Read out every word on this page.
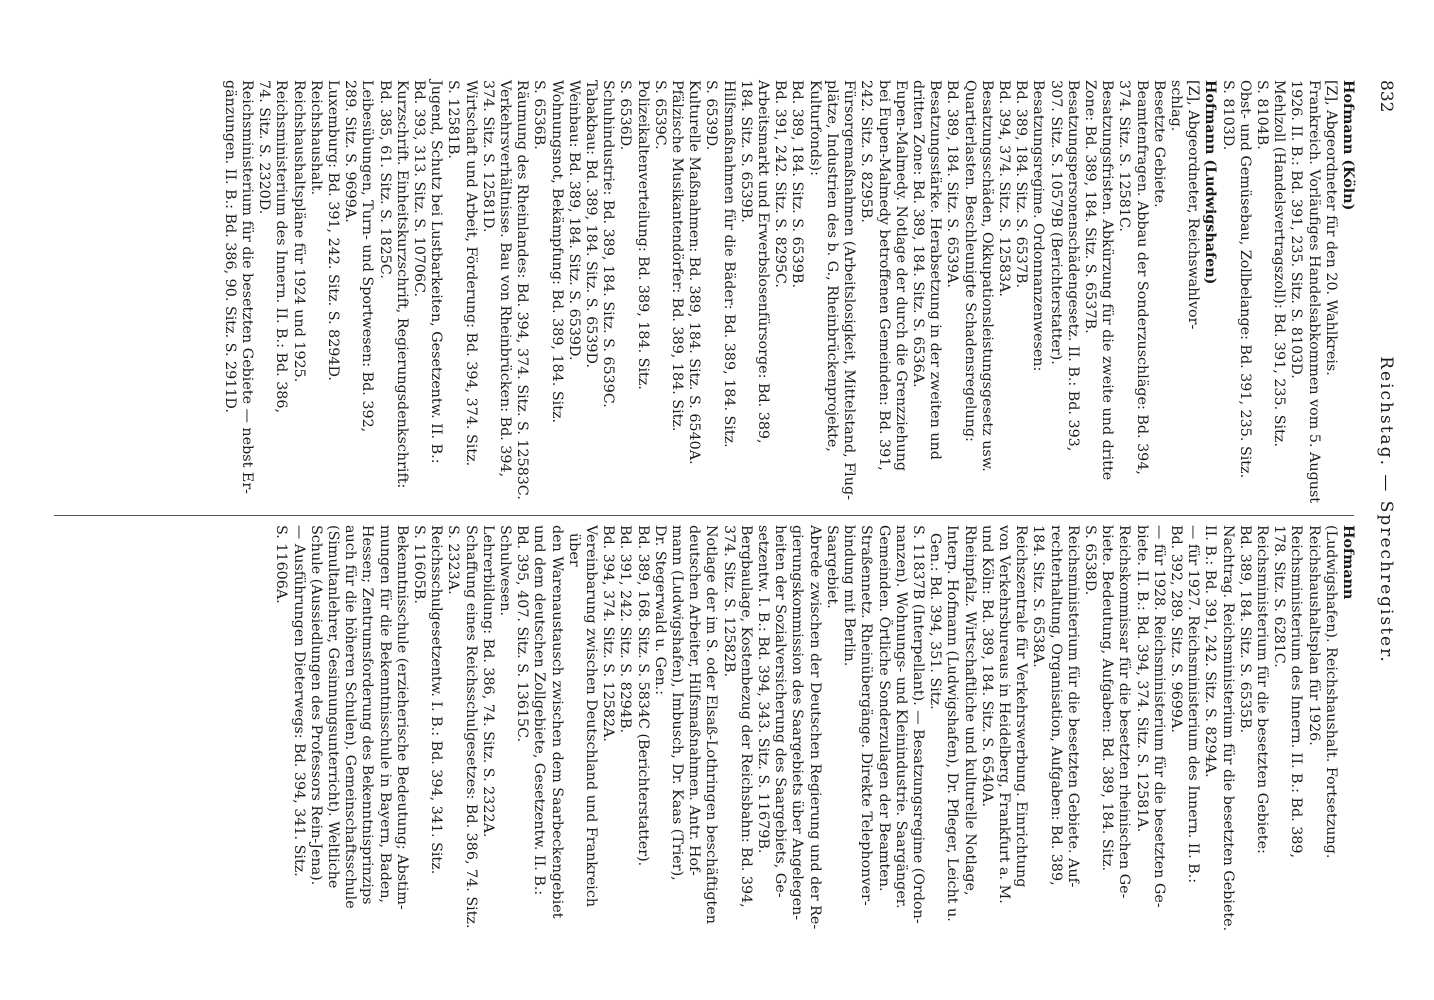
832
Reichstag. — Sprechregister.
Hofmann (Köln)
[Z], Abgeordneter für den 20. Wahlkreis.
Frankreich. Vorläufiges Handelsabkommen vom 5. August
1926. II. B.: Bd. 391, 235. Sitz. S. 8103D.
Mehlzoll (Handelsvertragszoll): Bd. 391, 235. Sitz.
S. 8104B.
Obst- und Gemüsebau, Zollbelange: Bd. 391, 235. Sitz.
S. 8103D.
Hofmann (Ludwigshafen)
[Z], Abgeordneter, Reichswahlvor-
schlag.
Besetzte Gebiete.
Beamtenfragen. Abbau der Sonderzuschläge: Bd. 394,
374. Sitz. S. 12581C.
Besatzungsfristen. Abkürzung für die zweite und dritte
Zone: Bd. 389, 184. Sitz. S. 6537B.
Besatzungspersonenschädengesetz. II. B.: Bd. 393,
307. Sitz. S. 10579B (Berichterstatter).
Besatzungsregime. Ordonnanzenwesen:
Bd. 389, 184. Sitz. S. 6537B.
Bd. 394, 374. Sitz. S. 12583A.
Besatzungsschäden, Okkupationsleistungsgesetz usw.
Quartierlasten. Beschleunigte Schadensregelung:
Bd. 389, 184. Sitz. S. 6539A.
Besatzungsstärke. Herabsetzung in der zweiten und
dritten Zone: Bd. 389, 184. Sitz. S. 6536A.
Eupen-Malmedy. Notlage der durch die Grenzziehung
bei Eupen-Malmedy betroffenen Gemeinden: Bd. 391,
242. Sitz. S. 8295B.
Fürsorgemaßnahmen (Arbeitslosigkeit, Mittelstand, Flug-
plätze, Industrien des b. G., Rheinbrückenprojekte,
Kulturfonds):
Bd. 389, 184. Sitz. S. 6539B.
Bd. 391, 242. Sitz. S. 8295C.
Arbeitsmarkt und Erwerbslosenfürsorge: Bd. 389,
184. Sitz. S. 6539B.
Hilfsmaßnahmen für die Bäder: Bd. 389, 184. Sitz.
S. 6539D.
Kulturelle Maßnahmen: Bd. 389, 184. Sitz. S. 6540A.
Pfälzische Musikantendörfer: Bd. 389, 184. Sitz.
S. 6539C.
Polizeikaltenverteilung: Bd. 389, 184. Sitz.
S. 6536D.
Schuhindustrie: Bd. 389, 184. Sitz. S. 6539C.
Tabakbau: Bd. 389, 184. Sitz. S. 6539D.
Weinbau: Bd. 389, 184. Sitz. S. 6539D.
Wohnungsnot, Bekämpfung: Bd. 389, 184. Sitz.
S. 6536B.
Räumung des Rheinlandes: Bd. 394, 374. Sitz. S. 12583C.
Verkehrsverhältnisse. Bau von Rheinbrücken: Bd. 394,
374. Sitz. S. 12581D.
Wirtschaft und Arbeit, Förderung: Bd. 394, 374. Sitz.
S. 12581B.
Jugend, Schutz bei Lustbarkeiten, Gesetzentw. II. B.:
Bd. 393, 313. Sitz. S. 10706C.
Kurzschrift. Einheitskurzschrift, Regierungsdenkschrift:
Bd. 385, 61. Sitz. S. 1825C.
Leibesübungen, Turn- und Sportwesen: Bd. 392,
289. Sitz. S. 9699A.
Luxemburg: Bd. 391, 242. Sitz. S. 8294D.
Reichshaushalt.
Reichshaushaltspläne für 1924 und 1925.
Reichsministerium des Innern. II. B.: Bd. 386,
74. Sitz. S. 2320D.
Reichsministerium für die besetzten Gebiete — nebst Er-
gänzungen. II. B.: Bd. 386, 90. Sitz. S. 2911D.
Hofmann
(Ludwigshafen). Reichshaushalt. Fortsetzung.
Reichshaushaltsplan für 1926.
Reichsministerium des Innern. II. B.: Bd. 389,
178. Sitz. S. 6281C.
Reichsministerium für die besetzten Gebiete:
Bd. 389, 184. Sitz. S. 6535B.
Nachtrag. Reichsministerium für die besetzten Gebiete.
II. B.: Bd. 391, 242. Sitz. S. 8294A.
— für 1927. Reichsministerium des Innern. II. B.:
Bd. 392, 289. Sitz. S. 9699A.
— für 1928. Reichsministerium für die besetzten Ge-
biete. II. B.: Bd. 394, 374. Sitz. S. 12581A.
Reichskommissar für die besetzten rheinischen Ge-
biete. Bedeutung, Aufgaben: Bd. 389, 184. Sitz.
S. 6538D.
Reichsministerium für die besetzten Gebiete. Auf-
rechterhaltung, Organisation, Aufgaben: Bd. 389,
184. Sitz. S. 6538A.
Reichszentrale für Verkehrswerbung. Einrichtung
von Verkehrsbureaus in Heidelberg, Frankfurt a. M.
und Köln: Bd. 389, 184. Sitz. S. 6540A.
Rheinpfalz. Wirtschaftliche und kulturelle Notlage,
Interp. Hofmann (Ludwigshafen), Dr. Pfleger, Leicht u. Gen.: Bd. 394, 351. Sitz.
S. 11837B (Interpellant). — Besatzungsregime (Ordon-
nanzen). Wohnungs- und Kleinindustrie. Saargänger.
Gemeinden. Örtliche Sonderzulagen der Beamten.
Straßennetz. Rheinübergänge. Direkte Telephonver-
bindung mit Berlin.
Saargebiet.
Abrede zwischen der Deutschen Regierung und der Re-
gierungskommission des Saargebiets über Angelegen-
heiten der Sozialversicherung des Saargebiets, Ge-
setzentw. I. B.: Bd. 394, 343. Sitz. S. 11679B.
Bergbaulage, Kostenbezug der Reichsbahn: Bd. 394,
374. Sitz. S. 12582B.
Notlage der im S. oder Elsaß-Lothringen beschäftigten
deutschen Arbeiter, Hilfsmaßnahmen. Antr. Hof-
mann (Ludwigshafen), Imbusch, Dr. Kaas (Trier),
Dr. Stegerwald u. Gen.:
Bd. 389, 168. Sitz. S. 5834C (Berichterstatter).
Bd. 391, 242. Sitz. S. 8294B.
Bd. 394, 374. Sitz. S. 12582A.
Vereinbarung zwischen Deutschland und Frankreich über
den Warenaustausch zwischen dem Saarbeckengebiet
und dem deutschen Zollgebiete, Gesetzentw. II. B.:
Bd. 395, 407. Sitz. S. 13615C.
Schulwesen.
Lehrerbildung: Bd. 386, 74. Sitz. S. 2322A.
Schaffung eines Reichsschulgesetzes: Bd. 386, 74. Sitz.
S. 2323A.
Reichsschulgesetzentw. I. B.: Bd. 394, 341. Sitz.
S. 11605B.
Bekenntnisschule (erzieherische Bedeutung; Abstim-
mungen für die Bekenntnisschule in Bayern, Baden,
Hessen; Zentrumsforderung des Bekenntnisprinzips
auch für die höheren Schulen). Gemeinschaftsschule
(Simultanlehrer, Gesinnungsunterricht). Weltliche
Schule (Aussiedlungen des Professors Rein-Jena).
— Ausführungen Dieterwegs: Bd. 394, 341. Sitz.
S. 11606A.
